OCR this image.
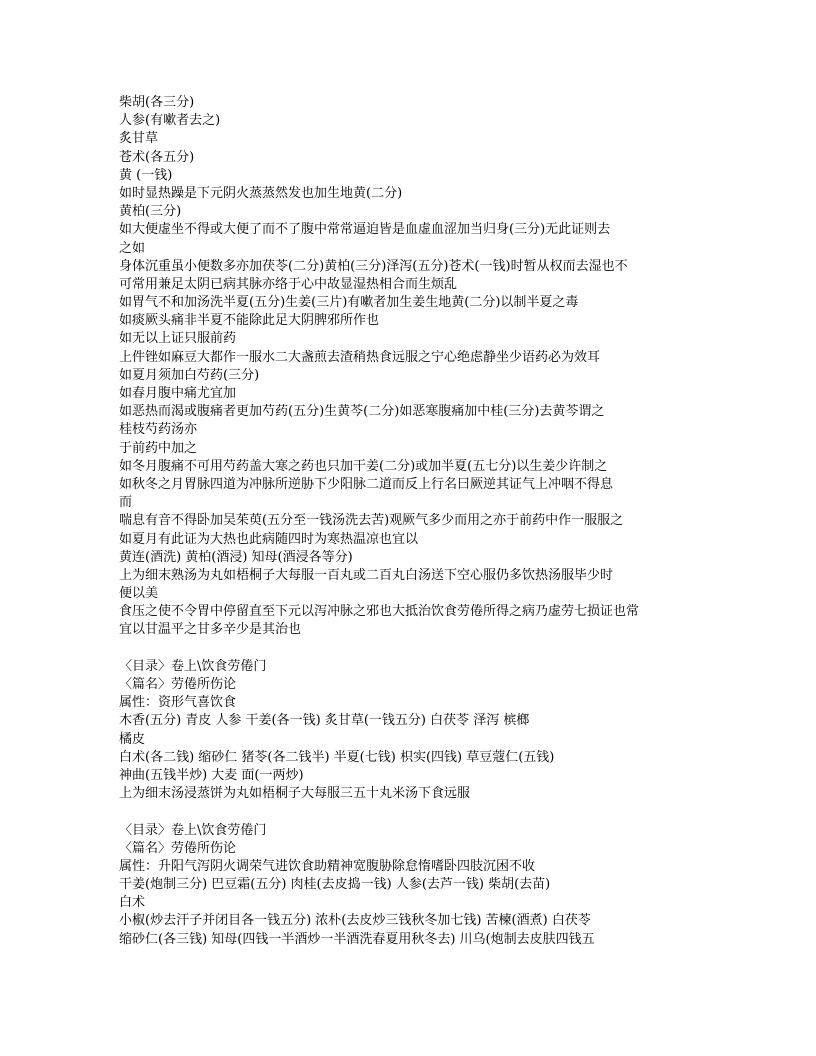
柴胡(各三分)
人参(有嗽者去之)
炙甘草
苍术(各五分)
黄 (一钱)
如时显热躁是下元阴火蒸蒸然发也加生地黄(二分)
黄柏(三分)
如大便虚坐不得或大便了而不了腹中常常逼迫皆是血虚血涩加当归身(三分)无此证则去
之如
身体沉重虽小便数多亦加茯苓(二分)黄柏(三分)泽泻(五分)苍术(一钱)时暂从权而去湿也不
可常用兼足太阴已病其脉亦络于心中故显湿热相合而生烦乱
如胃气不和加汤洗半夏(五分)生姜(三片)有嗽者加生姜生地黄(二分)以制半夏之毒
如痰厥头痛非半夏不能除此足大阴脾邪所作也
如无以上证只服前药
上件锉如麻豆大都作一服水二大盏煎去渣稍热食远服之宁心绝虑静坐少语药必为效耳
如夏月须加白芍药(三分)
如春月腹中痛尤宜加
如恶热而渴或腹痛者更加芍药(五分)生黄芩(二分)如恶寒腹痛加中桂(三分)去黄芩谓之
桂枝芍药汤亦
于前药中加之
如冬月腹痛不可用芍药盖大寒之药也只加干姜(二分)或加半夏(五七分)以生姜少许制之
如秋冬之月胃脉四道为冲脉所逆胁下少阳脉二道而反上行名曰厥逆其证气上冲咽不得息
而
喘息有音不得卧加吴茱萸(五分至一钱汤洗去苦)观厥气多少而用之亦于前药中作一服服之
如夏月有此证为大热也此病随四时为寒热温凉也宜以
黄连(酒洗) 黄柏(酒浸) 知母(酒浸各等分)
上为细末熟汤为丸如梧桐子大每服一百丸或二百丸白汤送下空心服仍多饮热汤服毕少时
便以美
食压之使不令胃中停留直至下元以泻冲脉之邪也大抵治饮食劳倦所得之病乃虚劳七损证也常
宜以甘温平之甘多辛少是其治也
〈目录〉卷上\饮食劳倦门
〈篇名〉劳倦所伤论
属性：资形气喜饮食
木香(五分) 青皮 人参 干姜(各一钱) 炙甘草(一钱五分) 白茯苓 泽泻 槟榔
橘皮
白术(各二钱) 缩砂仁 猪苓(各二钱半) 半夏(七钱) 枳实(四钱) 草豆蔻仁(五钱)
神曲(五钱半炒) 大麦 面(一两炒)
上为细末汤浸蒸饼为丸如梧桐子大每服三五十丸米汤下食远服
〈目录〉卷上\饮食劳倦门
〈篇名〉劳倦所伤论
属性：升阳气泻阴火调荣气进饮食助精神宽腹胁除怠惰嗜卧四肢沉困不收
干姜(炮制三分) 巴豆霜(五分) 肉桂(去皮捣一钱) 人参(去芦一钱) 柴胡(去苗)
白术
小椒(炒去汗子并闭目各一钱五分) 浓朴(去皮炒三钱秋冬加七钱) 苦楝(酒煮) 白茯苓
缩砂仁(各三钱) 知母(四钱一半酒炒一半酒洗春夏用秋冬去) 川乌(炮制去皮肤四钱五
